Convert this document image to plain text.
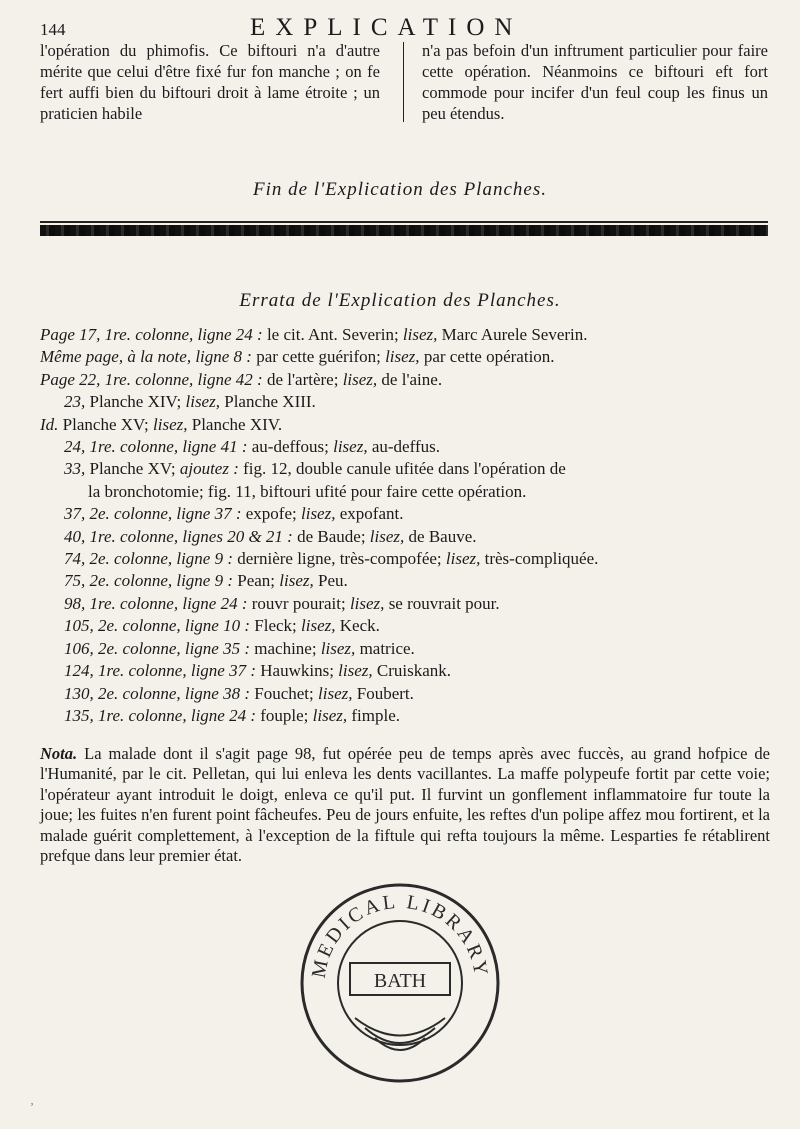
144	EXPLICATION

l'opération du phimofis. Ce biftouri n'a d'autre mérite que celui d'être fixé fur fon manche ; on fe fert auffi bien du biftouri droit à lame étroite ; un praticien habile

n'a pas befoin d'un inftrument particulier pour faire cette opération. Néanmoins ce biftouri eft fort commode pour incifer d'un feul coup les finus un peu étendus.

Fin de l'Explication des Planches.
Errata de l'Explication des Planches.
Page 17, 1re. colonne, ligne 24 : le cit. Ant. Severin; lisez, Marc Aurele Severin.
Même page, à la note, ligne 8 : par cette guérifon; lisez, par cette opération.
Page 22, 1re. colonne, ligne 42 : de l'artère; lisez, de l'aine.
23, Planche XIV; lisez, Planche XIII.
Id. Planche XV; lisez, Planche XIV.
24, 1re. colonne, ligne 41 : au-deffous; lisez, au-deffus.
33, Planche XV; ajoutez : fig. 12, double canule ufitée dans l'opération de
la bronchotomie; fig. 11, biftouri ufité pour faire cette opération.
37, 2e. colonne, ligne 37 : expofe; lisez, expofant.
40, 1re. colonne, lignes 20 & 21 : de Baude; lisez, de Bauve.
74, 2e. colonne, ligne 9 : dernière ligne, très-compofée; lisez, très-compliquée.
75, 2e. colonne, ligne 9 : Pean; lisez, Peu.
98, 1re. colonne, ligne 24 : rouvr pourait; lisez, se rouvrait pour.
105, 2e. colonne, ligne 10 : Fleck; lisez, Keck.
106, 2e. colonne, ligne 35 : machine; lisez, matrice.
124, 1re. colonne, ligne 37 : Hauwkins; lisez, Cruiskank.
130, 2e. colonne, ligne 38 : Fouchet; lisez, Foubert.
135, 1re. colonne, ligne 24 : fouple; lisez, fimple.

Nota. La malade dont il s'agit page 98, fut opérée peu de temps après avec fuccès, au grand hofpice de l'Humanité, par le cit. Pelletan, qui lui enleva les dents vacillantes. La maffe polypeufe fortit par cette voie; l'opérateur ayant introduit le doigt, enleva ce qu'il put. Il furvint un gonflement inflammatoire fur toute la joue; les fuites n'en furent point fâcheufes. Peu de jours enfuite, les reftes d'un polipe affez mou fortirent, et la malade guérit complettement, à l'exception de la fiftule qui refta toujours la même. Lesparties fe rétablirent prefque dans leur premier état.

MEDICAL LIBRARY
BATH
ʼ
